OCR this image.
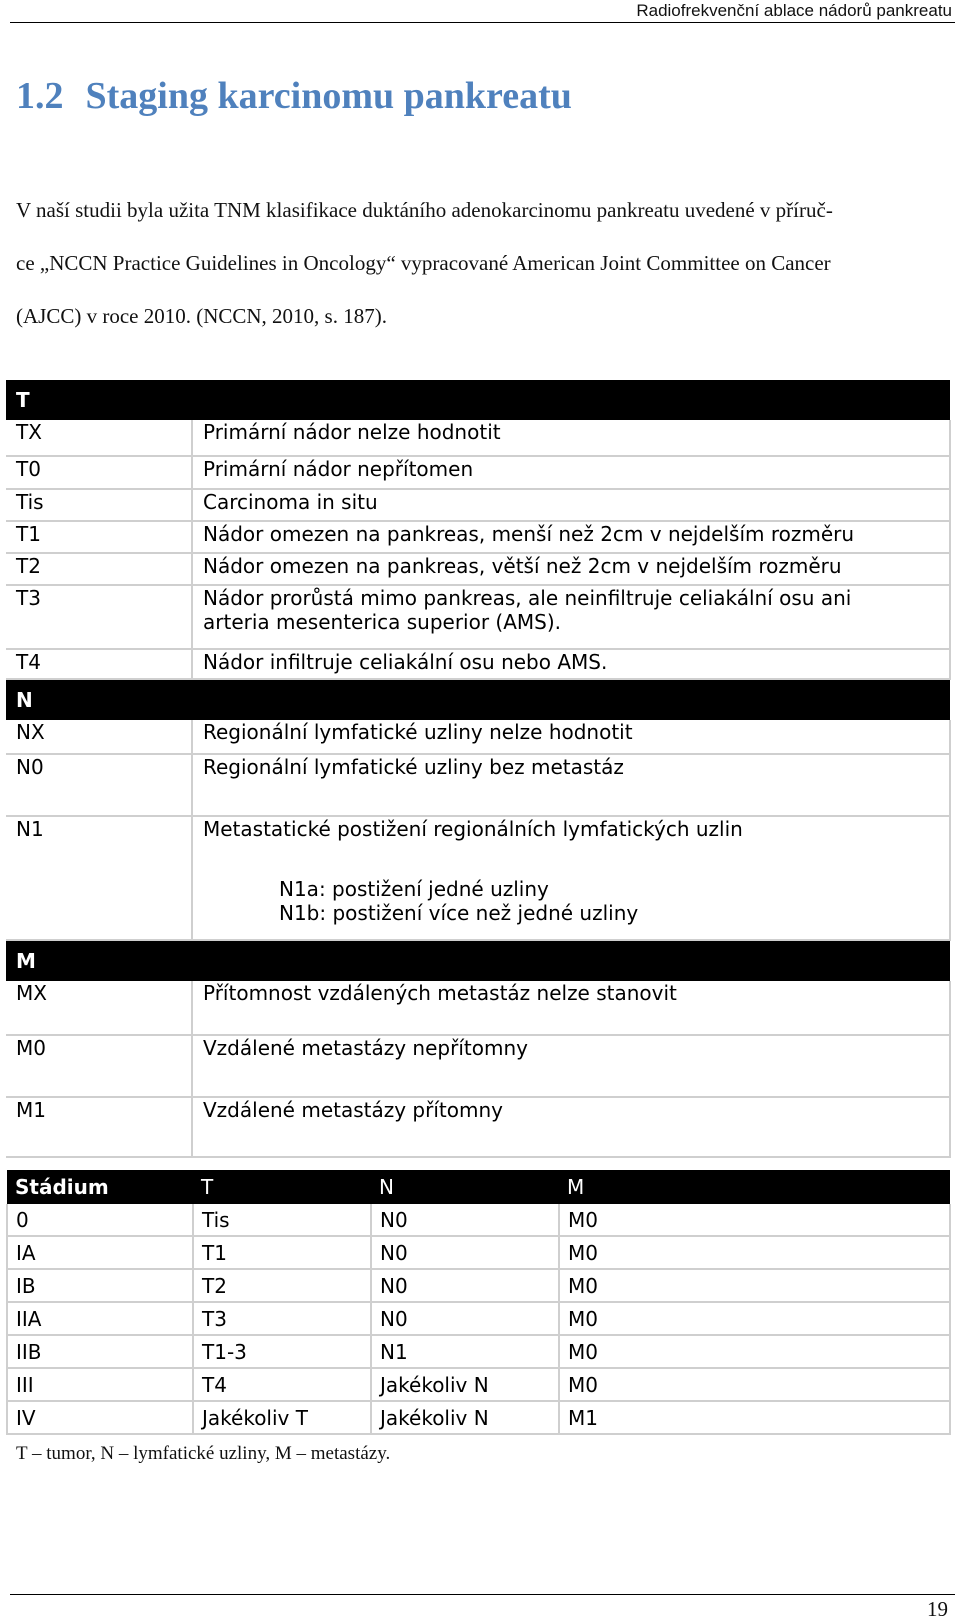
Radiofrekvenční ablace nádorů pankreatu
1.2 Staging karcinomu pankreatu
V naší studii byla užita TNM klasifikace duktáního adenokarcinomu pankreatu uvedené v příruč-
ce „NCCN Practice Guidelines in Oncology“ vypracované American Joint Committee on Cancer
(AJCC) v roce 2010. (NCCN, 2010, s. 187).
T	
TX	Primární nádor nelze hodnotit
T0	Primární nádor nepřítomen
Tis	Carcinoma in situ
T1	Nádor omezen na pankreas, menší než 2cm v nejdelším rozměru
T2	Nádor omezen na pankreas, větší než 2cm v nejdelším rozměru
T3	Nádor prorůstá mimo pankreas, ale neinfiltruje celiakální osu ani
arteria mesenterica superior (AMS).

T4	Nádor infiltruje celiakální osu nebo AMS.
N	
NX	Regionální lymfatické uzliny nelze hodnotit
N0	Regionální lymfatické uzliny bez metastáz
N1	Metastatické postižení regionálních lymfatických uzlin
N1a: postižení jedné uzliny
N1b: postižení více než jedné uzliny

M	
MX	Přítomnost vzdálených metastáz nelze stanovit
M0	Vzdálené metastázy nepřítomny
M1	Vzdálené metastázy přítomny
Stádium	T	N	M
0	Tis	N0	M0
IA	T1	N0	M0
IB	T2	N0	M0
IIA	T3	N0	M0
IIB	T1-3	N1	M0
III	T4	Jakékoliv N	M0
IV	Jakékoliv T	Jakékoliv N	M1
T – tumor, N – lymfatické uzliny, M – metastázy.
19
